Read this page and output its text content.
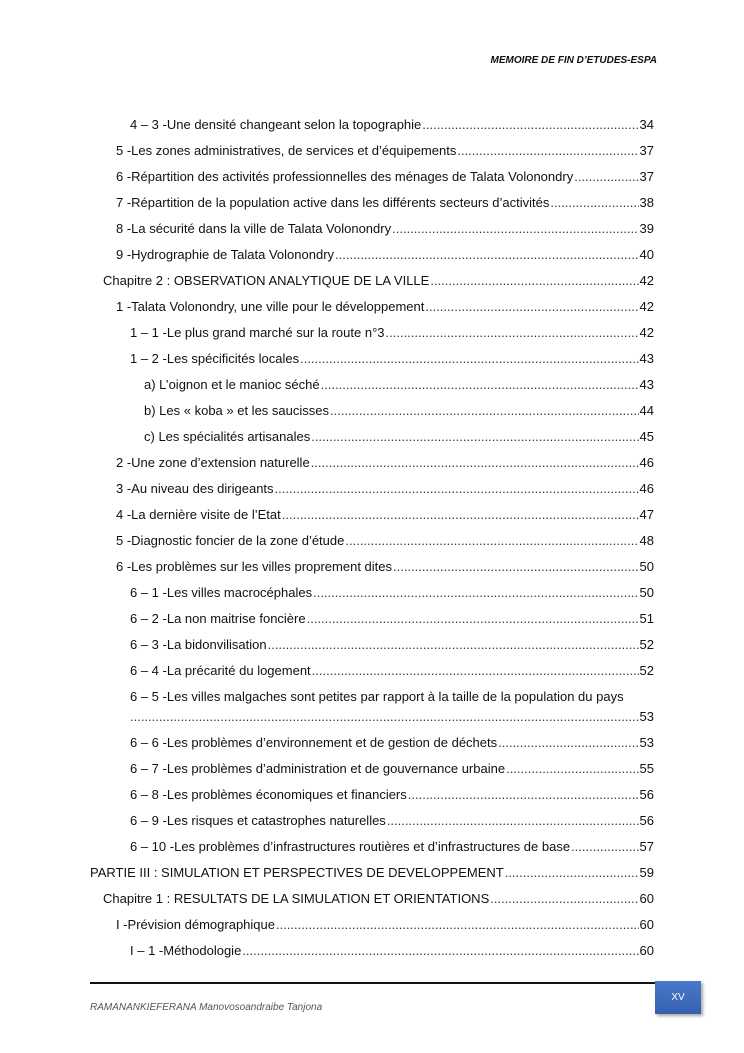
MEMOIRE DE FIN D’ETUDES-ESPA
4 – 3 -Une densité changeant selon la topographie .....	34
5 -Les zones administratives, de services et d’équipements .....	37
6 -Répartition des activités professionnelles des ménages de Talata Volonondry .....	37
7 -Répartition de la population active dans les différents secteurs d’activités .....	38
8 -La sécurité dans la ville de Talata Volonondry .....	39
9 -Hydrographie de Talata Volonondry .....	40
Chapitre 2 : OBSERVATION ANALYTIQUE DE LA VILLE .....	42
1 -Talata Volonondry, une ville pour le développement .....	42
1 – 1 -Le plus grand marché sur la route n°3 .....	42
1 – 2 -Les spécificités locales .....	43
a) L’oignon et le manioc séché .....	43
b) Les « koba » et les saucisses .....	44
c) Les spécialités artisanales .....	45
2 -Une zone d’extension naturelle .....	46
3 -Au niveau des dirigeants .....	46
4 -La dernière visite de l’Etat .....	47
5 -Diagnostic foncier de la zone d’étude .....	48
6 -Les problèmes sur les villes proprement dites .....	50
6 – 1 -Les villes macrocéphales .....	50
6 – 2 -La non maitrise foncière .....	51
6 – 3 -La bidonvilisation .....	52
6 – 4 -La précarité du logement .....	52
6 – 5 -Les villes malgaches sont petites par rapport à la taille de la population du pays
.....
53
6 – 6 -Les problèmes d’environnement et de gestion de déchets .....	53
6 – 7 -Les problèmes d’administration et de gouvernance urbaine .....	55
6 – 8 -Les problèmes économiques et financiers .....	56
6 – 9 -Les risques et catastrophes naturelles .....	56
6 – 10 -Les problèmes d’infrastructures routières et d’infrastructures de base .....	57
PARTIE III : SIMULATION ET PERSPECTIVES DE DEVELOPPEMENT .....	59
Chapitre 1 : RESULTATS DE LA SIMULATION ET ORIENTATIONS .....	60
I -Prévision démographique .....	60
I – 1 -Méthodologie .....	60
RAMANANKIEFERANA Manovosoandraibe Tanjona
XV
